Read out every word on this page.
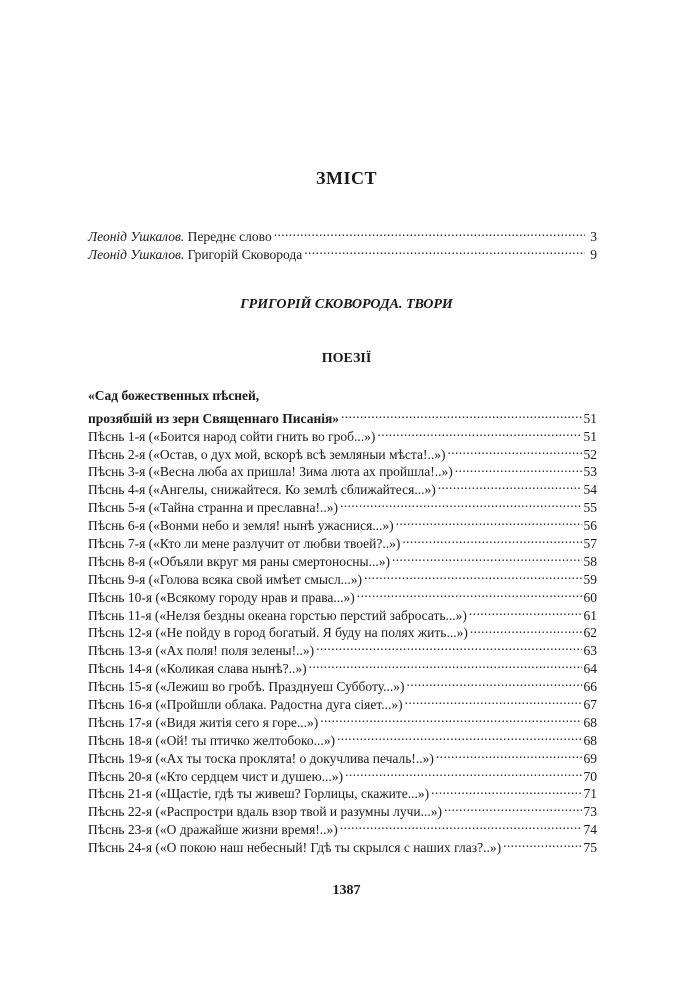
ЗМІСТ
Леонід Ушкалов. Переднє слово .....	3
Леонід Ушкалов. Григорій Сковорода .....	9
ГРИГОРІЙ СКОВОРОДА. ТВОРИ
ПОЕЗІЇ
«Сад божественных пѣсней,
прозябшій из зерн Священнаго Писанія» .....	51
Пѣснь 1-я («Боится народ сойти гнить во гроб...») .....	51
Пѣснь 2-я («Остав, о дух мой, вскорѣ всѣ земляныи мѣста!..») .....	52
Пѣснь 3-я («Весна люба ах пришла! Зима люта ах пройшла!..») .....	53
Пѣснь 4-я («Ангелы, снижайтеся. Ко землѣ сближайтеся...») .....	54
Пѣснь 5-я («Тайна странна и преславна!..») .....	55
Пѣснь 6-я («Вонми небо и земля! нынѣ ужаснися...») .....	56
Пѣснь 7-я («Кто ли мене разлучит от любви твоей?..») .....	57
Пѣснь 8-я («Объяли вкруг мя раны смертоносны...») .....	58
Пѣснь 9-я («Голова всяка свой имѣет смысл...») .....	59
Пѣснь 10-я («Всякому городу нрав и права...») .....	60
Пѣснь 11-я («Нелзя бездны океана горстью перстий забросать...») .....	61
Пѣснь 12-я («Не пойду в город богатый. Я буду на полях жить...») .....	62
Пѣснь 13-я («Ах поля! поля зелены!..») .....	63
Пѣснь 14-я («Коликая слава нынѣ?..») .....	64
Пѣснь 15-я («Лежиш во гробѣ. Празднуеш Субботу...») .....	66
Пѣснь 16-я («Пройшли облака. Радостна дуга сіяет...») .....	67
Пѣснь 17-я («Видя житія сего я горе...») .....	68
Пѣснь 18-я («Ой! ты птичко желтобоко...») .....	68
Пѣснь 19-я («Ах ты тоска проклята! о докучлива печаль!..») .....	69
Пѣснь 20-я («Кто сердцем чист и душею...») .....	70
Пѣснь 21-я («Щастіе, гдѣ ты живеш? Горлицы, скажите...») .....	71
Пѣснь 22-я («Распростри вдаль взор твой и разумны лучи...») .....	73
Пѣснь 23-я («О дражайше жизни время!..») .....	74
Пѣснь 24-я («О покою наш небесный! Гдѣ ты скрылся с наших глаз?..») .....	75
1387
